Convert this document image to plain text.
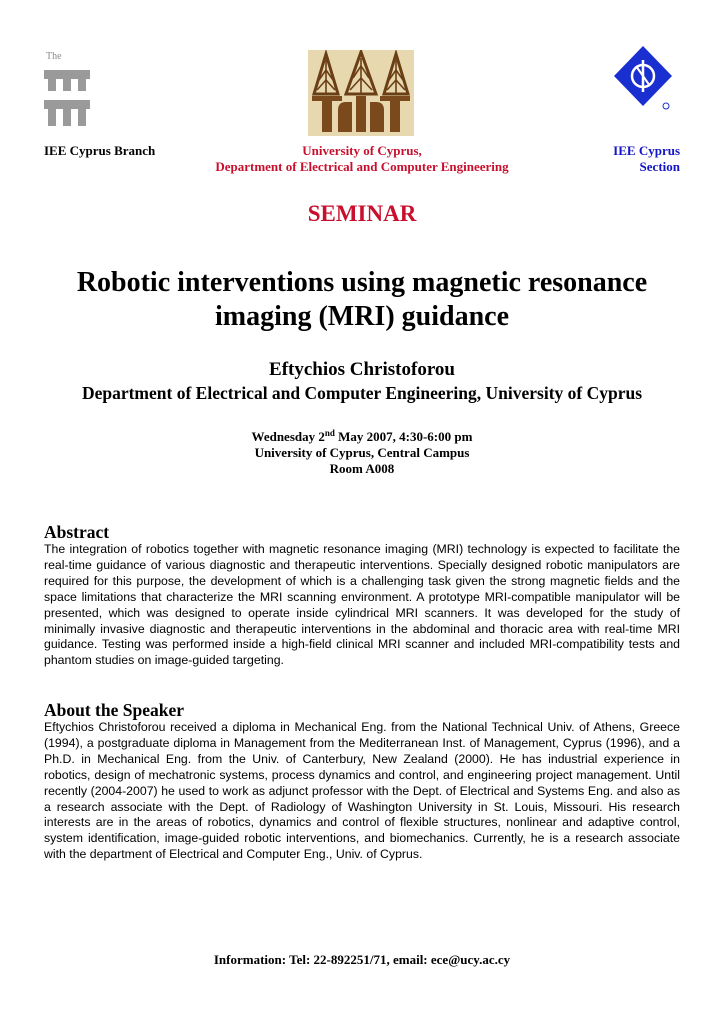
The
IEE Cyprus Branch	University of Cyprus,
Department of Electrical and Computer Engineering
IEE Cyprus
Section
SEMINAR
Robotic interventions using magnetic resonance
imaging (MRI) guidance
Eftychios Christoforou
Department of Electrical and Computer Engineering, University of Cyprus
Wednesday 2nd May 2007, 4:30-6:00 pm
University of Cyprus, Central Campus
Room A008
Abstract
The integration of robotics together with magnetic resonance imaging (MRI) technology is expected to facilitate the real-time guidance of various diagnostic and therapeutic interventions. Specially designed robotic manipulators are required for this purpose, the development of which is a challenging task given the strong magnetic fields and the space limitations that characterize the MRI scanning environment. A prototype MRI-compatible manipulator will be presented, which was designed to operate inside cylindrical MRI scanners. It was developed for the study of minimally invasive diagnostic and therapeutic interventions in the abdominal and thoracic area with real-time MRI guidance. Testing was performed inside a high-field clinical MRI scanner and included MRI-compatibility tests and phantom studies on image-guided targeting.
About the Speaker
Eftychios Christoforou received a diploma in Mechanical Eng. from the National Technical Univ. of Athens, Greece (1994), a postgraduate diploma in Management from the Mediterranean Inst. of Management, Cyprus (1996), and a Ph.D. in Mechanical Eng. from the Univ. of Canterbury, New Zealand (2000). He has industrial experience in robotics, design of mechatronic systems, process dynamics and control, and engineering project management. Until recently (2004-2007) he used to work as adjunct professor with the Dept. of Electrical and Systems Eng. and also as a research associate with the Dept. of Radiology of Washington University in St. Louis, Missouri. His research interests are in the areas of robotics, dynamics and control of flexible structures, nonlinear and adaptive control, system identification, image-guided robotic interventions, and biomechanics. Currently, he is a research associate with the department of Electrical and Computer Eng., Univ. of Cyprus.
Information: Tel: 22-892251/71, email: ece@ucy.ac.cy
